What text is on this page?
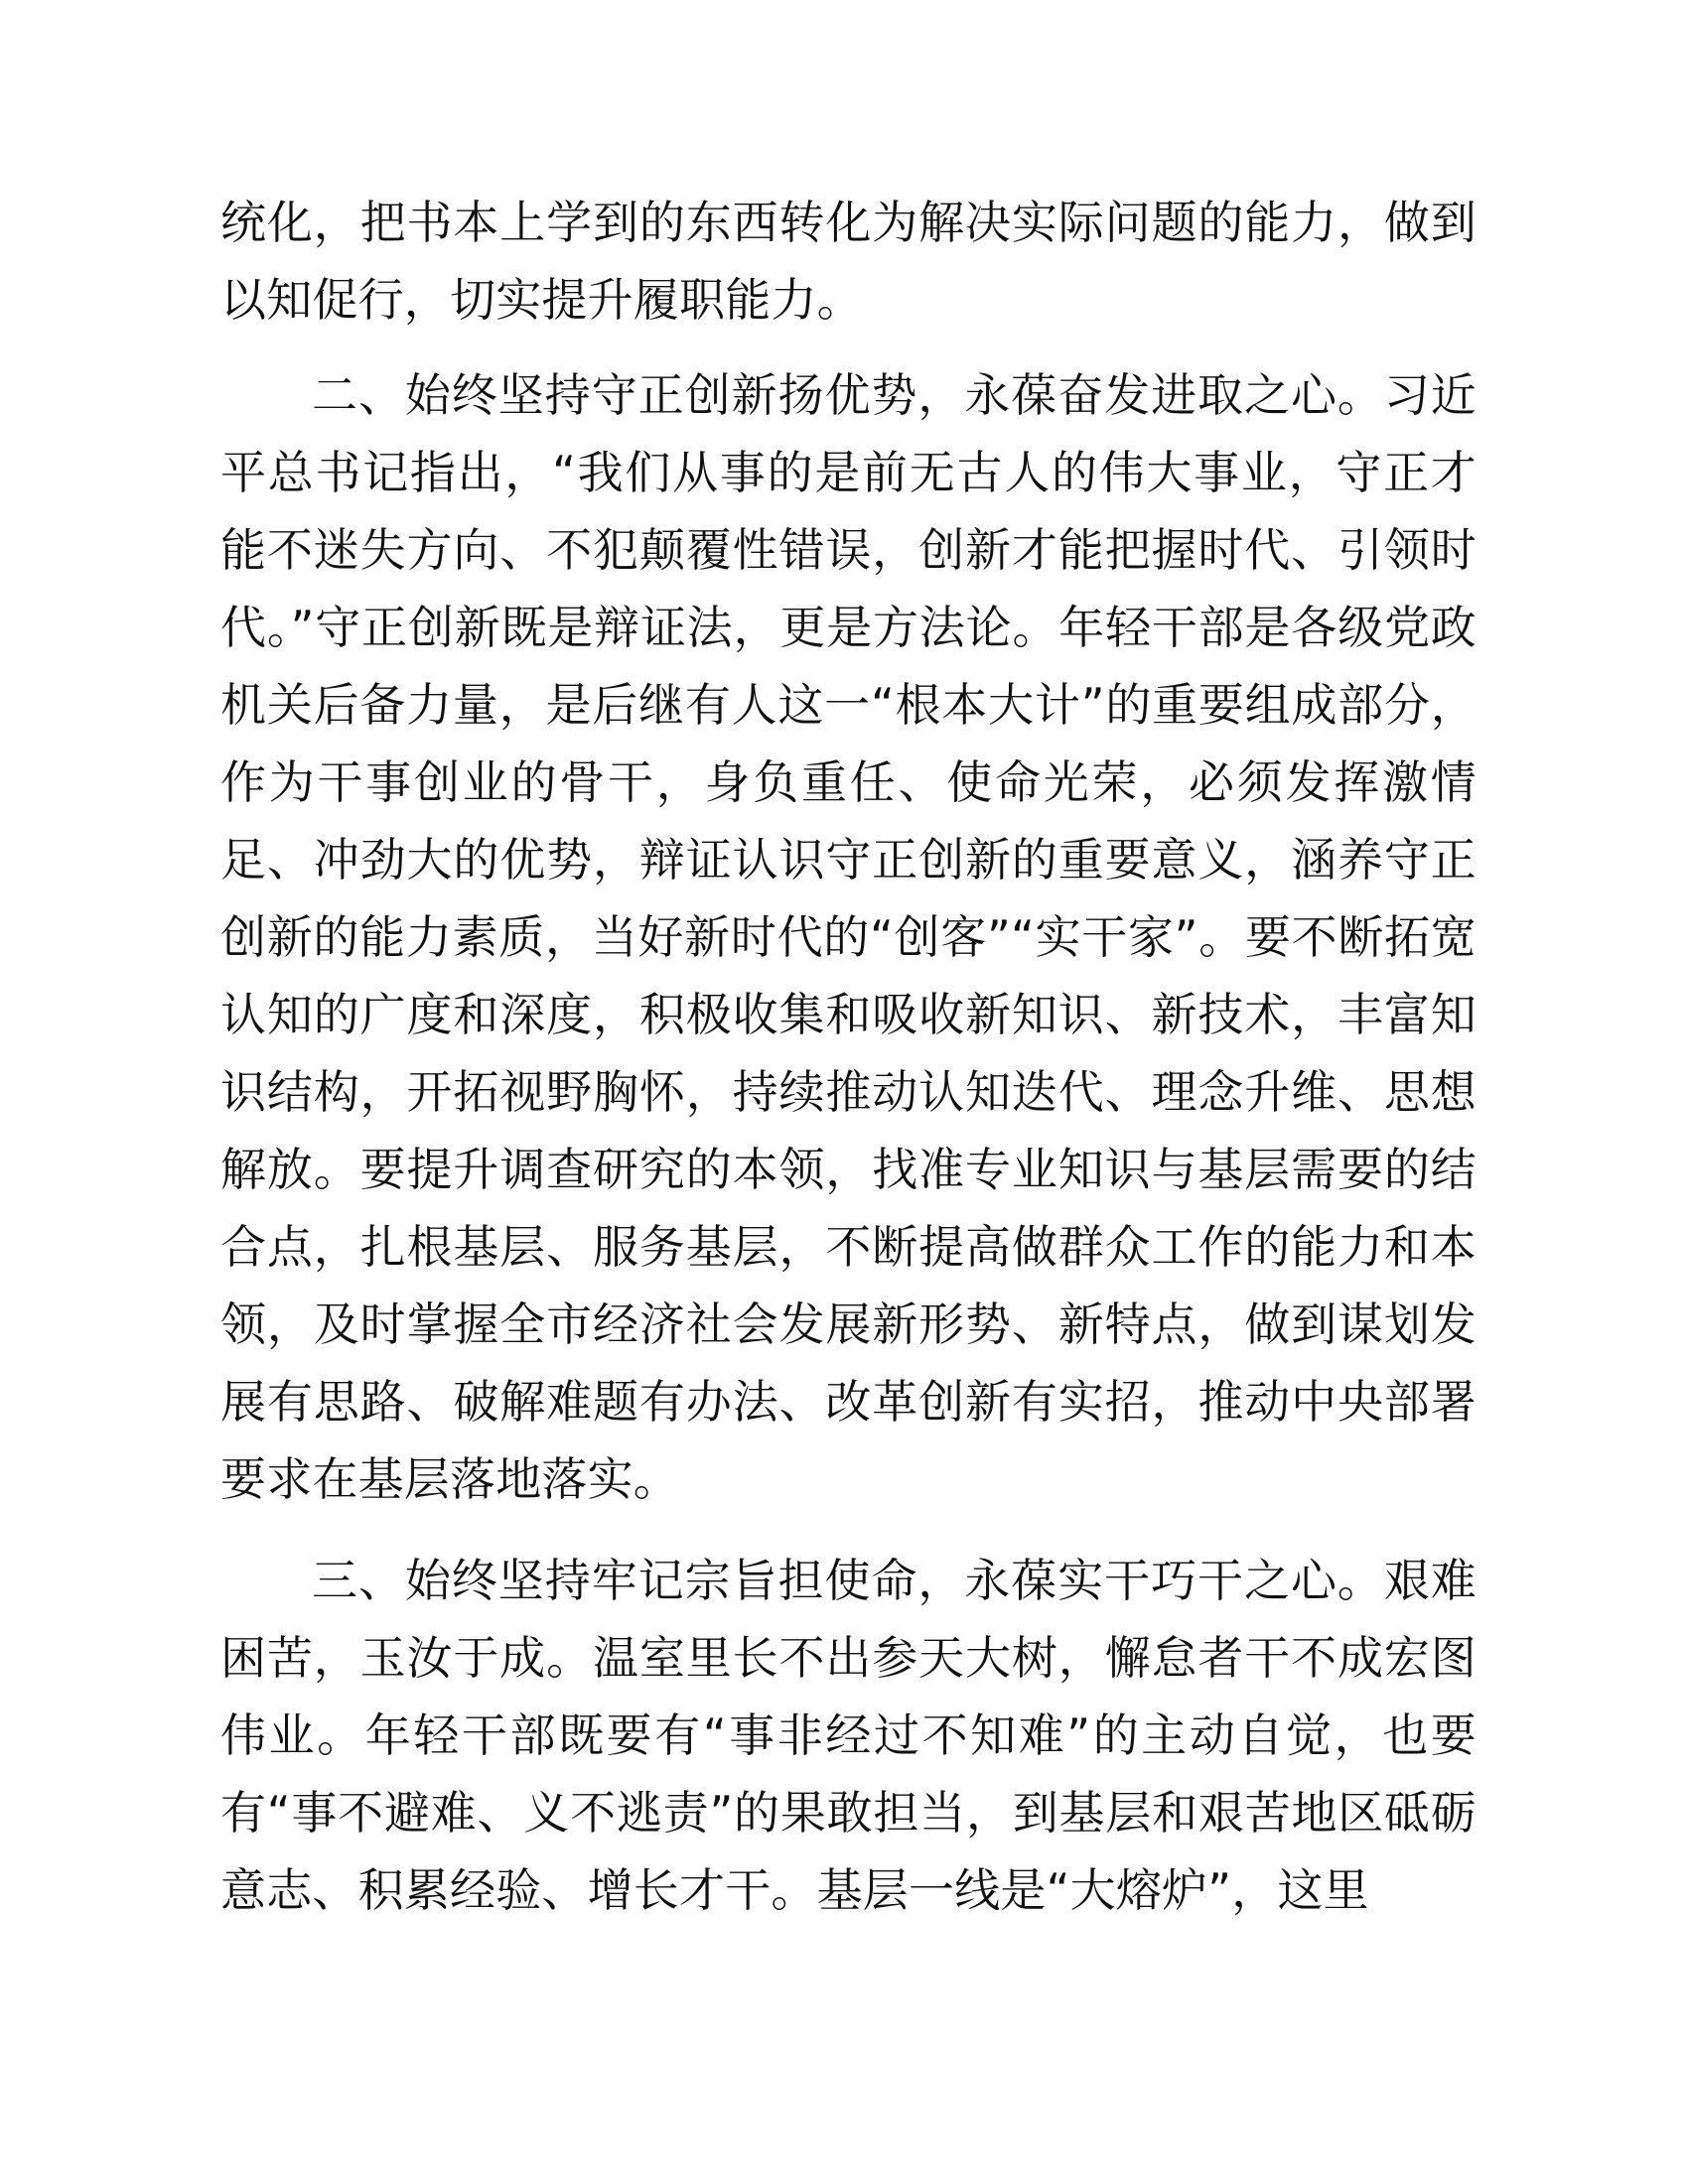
统化，把书本上学到的东西转化为解决实际问题的能力，做到以知促行，切实提升履职能力。

二、始终坚持守正创新扬优势，永葆奋发进取之心。习近平总书记指出，“我们从事的是前无古人的伟大事业，守正才能不迷失方向、不犯颠覆性错误，创新才能把握时代、引领时代。”守正创新既是辩证法，更是方法论。年轻干部是各级党政机关后备力量，是后继有人这一“根本大计”的重要组成部分，作为干事创业的骨干，身负重任、使命光荣，必须发挥激情足、冲劲大的优势，辩证认识守正创新的重要意义，涵养守正创新的能力素质，当好新时代的“创客”“实干家”。要不断拓宽认知的广度和深度，积极收集和吸收新知识、新技术，丰富知识结构，开拓视野胸怀，持续推动认知迭代、理念升维、思想解放。要提升调查研究的本领，找准专业知识与基层需要的结合点，扎根基层、服务基层，不断提高做群众工作的能力和本领，及时掌握全市经济社会发展新形势、新特点，做到谋划发展有思路、破解难题有办法、改革创新有实招，推动中央部署要求在基层落地落实。

三、始终坚持牢记宗旨担使命，永葆实干巧干之心。艰难困苦，玉汝于成。温室里长不出参天大树，懈怠者干不成宏图伟业。年轻干部既要有“事非经过不知难”的主动自觉，也要有“事不避难、义不逃责”的果敢担当，到基层和艰苦地区砥砺意志、积累经验、增长才干。基层一线是“大熔炉”，这里
